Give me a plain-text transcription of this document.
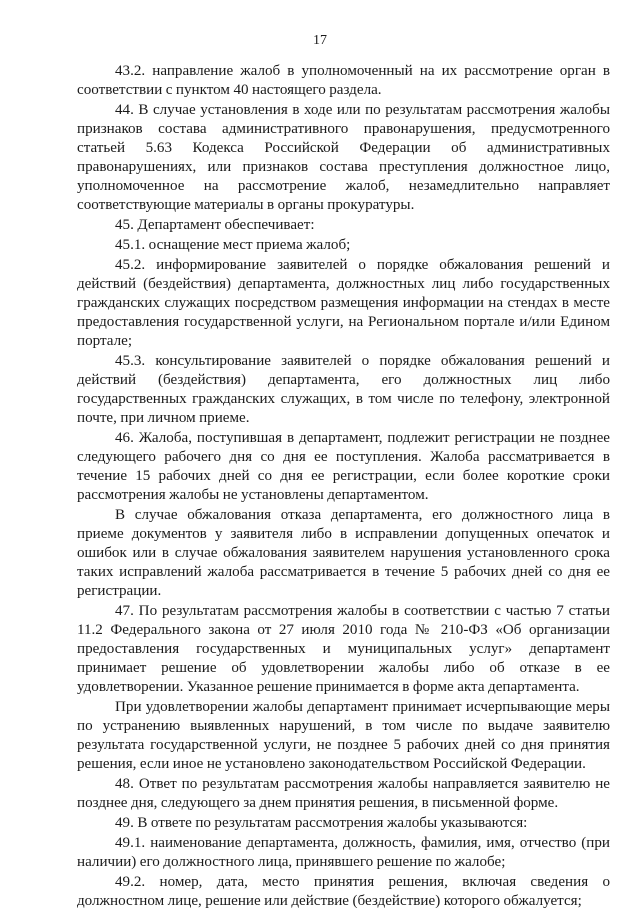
17

43.2. направление жалоб в уполномоченный на их рассмотрение орган в соответствии с пунктом 40 настоящего раздела.

44. В случае установления в ходе или по результатам рассмотрения жалобы признаков состава административного правонарушения, предусмотренного статьей 5.63 Кодекса Российской Федерации об административных правонарушениях, или признаков состава преступления должностное лицо, уполномоченное на рассмотрение жалоб, незамедлительно направляет соответствующие материалы в органы прокуратуры.

45. Департамент обеспечивает:

45.1. оснащение мест приема жалоб;

45.2. информирование заявителей о порядке обжалования решений и действий (бездействия) департамента, должностных лиц либо государственных гражданских служащих посредством размещения информации на стендах в месте предоставления государственной услуги, на Региональном портале и/или Едином портале;

45.3. консультирование заявителей о порядке обжалования решений и действий (бездействия) департамента, его должностных лиц либо государственных гражданских служащих, в том числе по телефону, электронной почте, при личном приеме.

46. Жалоба, поступившая в департамент, подлежит регистрации не позднее следующего рабочего дня со дня ее поступления. Жалоба рассматривается в течение 15 рабочих дней со дня ее регистрации, если более короткие сроки рассмотрения жалобы не установлены департаментом.

В случае обжалования отказа департамента, его должностного лица в приеме документов у заявителя либо в исправлении допущенных опечаток и ошибок или в случае обжалования заявителем нарушения установленного срока таких исправлений жалоба рассматривается в течение 5 рабочих дней со дня ее регистрации.

47. По результатам рассмотрения жалобы в соответствии с частью 7 статьи 11.2 Федерального закона от 27 июля 2010 года № 210-ФЗ «Об организации предоставления государственных и муниципальных услуг» департамент принимает решение об удовлетворении жалобы либо об отказе в ее удовлетворении. Указанное решение принимается в форме акта департамента.

При удовлетворении жалобы департамент принимает исчерпывающие меры по устранению выявленных нарушений, в том числе по выдаче заявителю результата государственной услуги, не позднее 5 рабочих дней со дня принятия решения, если иное не установлено законодательством Российской Федерации.

48. Ответ по результатам рассмотрения жалобы направляется заявителю не позднее дня, следующего за днем принятия решения, в письменной форме.

49. В ответе по результатам рассмотрения жалобы указываются:

49.1. наименование департамента, должность, фамилия, имя, отчество (при наличии) его должностного лица, принявшего решение по жалобе;

49.2. номер, дата, место принятия решения, включая сведения о должностном лице, решение или действие (бездействие) которого обжалуется;
